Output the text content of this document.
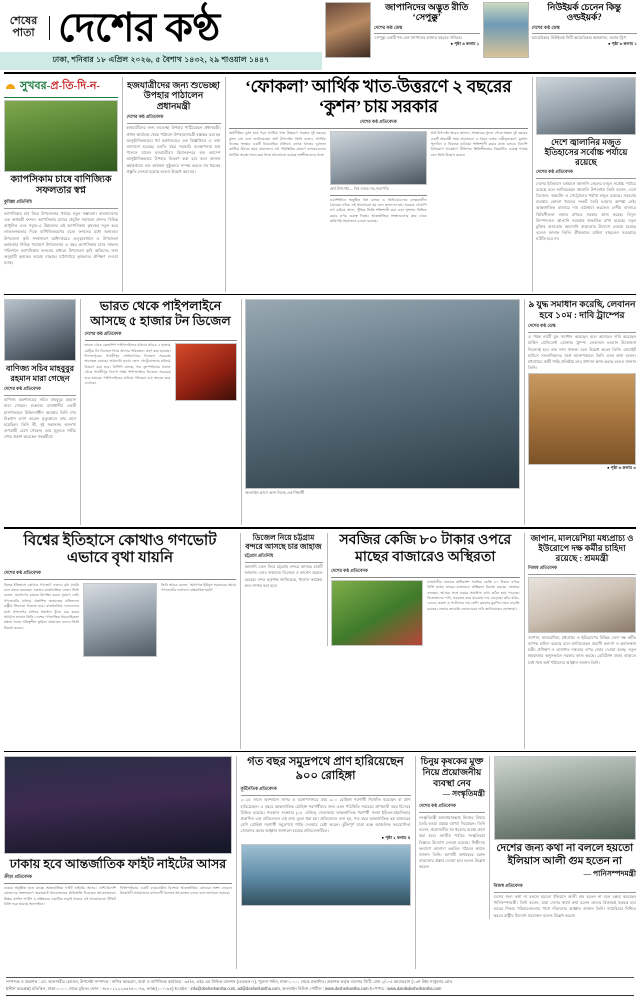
শেষের পাতা দেশের কণ্ঠ
ঢাকা, শনিবার ১৮ এপ্রিল ২০২৬, ৫ বৈশাখ ১৪৩২, ২৯ শাওয়াল ১৪৪৭
জাপানিদের অদ্ভুত রীতি ‘সেপুক্কু’
দেশের কণ্ঠ ডেস্ক
‘সেপুক্কু’ একটি শব্দ যেন জাপানের হাজার বছরের ঐতিহ্যে
● পৃষ্ঠা ৬ কলাম ১
নিউইয়র্ক চেনেন কিন্তু ওল্ডইয়র্ক?
দেশের কণ্ঠ ডেস্ক
আমেরিকার নিউইয়র্ক সিটি আমেরিকার অঙ্গরাজ্য, ওয়ান ট্রিপ
● পৃষ্ঠা ৬ কলাম ১
সুখবর-প্র-তি-দি-ন-
ক্যাপসিকাম চাষে বাণিজ্যিক সফলতার স্বপ্ন
কুমিল্লা প্রতিনিধি
ক্যাপসিকাম চাষ নিয়ে উপজেলার পর্যায়ে নতুন সম্ভাবনা। বাংলাদেশের এক অর্থকরী ফসল। ক্যাপসিকাম চাষের প্রযুক্তি সহায়তা প্রদান। বিভিন্ন আধুনিক এবং সবুজ-এ উন্নয়নের এই ক্যাপসিকাম কৃষকের নতুন করে লাভজনকতার দিকে বাণিজ্যিকরণের মতো ফসলের মধ্যে অন্যতম। উপজেলা কৃষি সম্প্রসারণ অধিদপ্তরের তত্ত্বাবধানে ও উপজেলা কর্মকর্তার নিবিড় পরামর্শে উপজেলার এ বছর ক্যাপসিকাম চাষে সাফল্য পরিদর্শনে ক্যাপসিকাম ফলনের মাধ্যমে উপজেলা কৃষি অফিসের তথ্য অনুযায়ী কৃষকের আগ্রহ বাড়ছে। মাঠপর্যায়ে কৃষকদের প্রশিক্ষণ দেওয়া হচ্ছে।
হজযাত্রীদের জন্য শুভেচ্ছা উপহার পাঠালেন প্রধানমন্ত্রী
দেশের কণ্ঠ প্রতিবেদক
হজযাত্রীদের জন্য শুভেচ্ছা উপহার পাঠিয়েছেন প্রধানমন্ত্রী। প্রধান কার্যালয় থেকে পাঠানো উপহারসামগ্রী হস্তান্তর করা হয় আনুষ্ঠানিকভাবে। ধর্ম মন্ত্রণালয়ের এক বিজ্ঞপ্তিতে এ তথ্য জানানো হয়েছে। চলতি বছর সরকারি ব্যবস্থাপনায় হজ পালনে যাবেন হজযাত্রীরা। বিমানবন্দরে হজ ক্যাম্পে আনুষ্ঠানিকভাবে উপহার বিতরণ করা হবে বলে জানান কর্মকর্তারা। হজ কার্যক্রম সুষ্ঠুভাবে সম্পন্ন করতে সব ধরনের প্রস্তুতি নেওয়া হয়েছে বলেও উল্লেখ করা হয়।
‘ফোকলা’ আর্থিক খাত-উত্তরণে ২ বছরের ‘কুশন’ চায় সরকার
দেশের কণ্ঠ প্রতিবেদক
অর্থনীতির দুর্বল হয়ে পড়া আর্থিক খাত উত্তরণে সরকার দুই বছরের কুশন চায় বলে জানিয়েছেন অর্থ উপদেষ্টা। তিনি বলেন, আর্থিক খাতের সংস্কার একটি ধারাবাহিক প্রক্রিয়া। ব্যাংক খাতের দুর্বলতা কাটিয়ে উঠতে সময় প্রয়োজন। এই পরিস্থিতির কারণে ব্যাংকগুলোর আর্থিক অবস্থা সবল করা নিয়ে আলোচনা হয়েছে অংশীজনদের সঙ্গে।
অর্থ উপদেষ্টা— বিশ্ব ব্যাংক সহ-সভাপতি
ওয়াশিংটনে অনুষ্ঠিত বিশ্ব ব্যাংক ও আইএমএফের বসন্তকালীন বৈঠকের ফাঁকে এই আলোচনা হয় বলে জানানো হয়। সরকার খেলাপি ঋণ কমিয়ে আনা, পুঁজির ভিত্তি শক্তিশালী করা এবং সুশাসন নিশ্চিত করার ওপর গুরুত্ব দিচ্ছে। আন্তর্জাতিক সংস্থাগুলোর কাছ থেকে কারিগরি সহায়তাও চাওয়া হয়েছে।
অর্থ উপদেষ্টা আরও জানান, সংস্কারের সুফল পেতে অন্তত দুই বছরের একটি অন্তর্বর্তী সময় প্রয়োজন। এ সময়ে ব্যাংক একীভূতকরণ, মূলধন পুনর্গঠন ও নিয়ন্ত্রক কাঠামো শক্তিশালী করার কাজ চলবে। বিদেশি বিনিয়োগ আকর্ষণে নীতিগত স্থিতিশীলতার বিষয়টিও গুরুত্ব পাচ্ছে বলে তিনি উল্লেখ করেন।
দেশে জ্বালানির মজুত ইতিহাসের সর্বোচ্চ পর্যায়ে রয়েছে
দেশের কণ্ঠ প্রতিবেদক
দেশের ইতিহাসে বর্তমানে জ্বালানি তেলের মজুত সর্বোচ্চ পর্যায়ে রয়েছে বলে জানিয়েছেন জ্বালানি উপদেষ্টা। তিনি বলেন, দেশে ডিজেল, অকটেন ও পেট্রোলের পর্যাপ্ত মজুত রয়েছে। সরবরাহ ব্যবস্থায় কোনো ধরনের সংকট তৈরি হওয়ার আশঙ্কা নেই। আন্তর্জাতিক বাজারে দাম ওঠানামা করলেও দেশীয় বাজারে স্থিতিশীলতা বজায় রাখতে সরকার কাজ করছে। বিদ্যুৎ উৎপাদনেও জ্বালানি সরবরাহ স্বাভাবিক রাখা হয়েছে। নতুন চুক্তির আওতায় আমদানি বাড়ানোর উদ্যোগ নেওয়া হয়েছে বলেও জানান তিনি। গ্রীষ্মকালে চাহিদা বাড়লেও সরবরাহে ঘাটতি হবে না।
বাণিজ্য সচিব মাহবুবুর রহমান মারা গেছেন
দেশের কণ্ঠ প্রতিবেদক
বাণিজ্য মন্ত্রণালয়ের সচিব মাহবুবুর রহমান মারা গেছেন। শুক্রবার রাজধানীর একটি হাসপাতালে চিকিৎসাধীন অবস্থায় তিনি শেষ নিঃশ্বাস ত্যাগ করেন। মৃত্যুকালে তার বয়স হয়েছিল। তিনি স্ত্রী, দুই সন্তানসহ অসংখ্য গুণগ্রাহী রেখে গেছেন। তার মৃত্যুতে গভীর শোক প্রকাশ করেছেন সহকর্মীরা।
ভারত থেকে পাইপলাইনে আসছে ৫ হাজার টন ডিজেল
দেশের কণ্ঠ প্রতিবেদক
ভারত থেকে ফ্রেন্ডশিপ পাইপলাইনের মাধ্যমে আরও ৫ হাজার মেট্রিক টন ডিজেল নিয়ে আসার পরিকল্পনা গ্রহণ করা হয়েছে। দিনাজপুরের পার্বতীপুর শোধনাগারে ডিজেল সরবরাহ অব্যাহত রয়েছে। আমদানি হওয়া তেল পেট্রোবাংলার মাধ্যমে বিতরণ করা হবে। বিপিসি বলছে, গত বৃহস্পতিবার সকাল থেকে পার্বতীপুর ডিপো পর্যন্ত পাইপলাইনে ডিজেল সরবরাহ শুরু হয়েছে। পাইপলাইনের মাধ্যমে পরিবহন ব্যয় অনেক কমে এসেছে।

অনলাইন ক্লাসে অংশ নিচ্ছে এক শিক্ষার্থী
৯ যুদ্ধ সমাধান করেছি, লেবানন হবে ১০ম : দাবি ট্রাম্পের
দেশের কণ্ঠ ডেস্ক
এ পর্যন্ত নয়টি যুদ্ধ সমাধান করেছেন বলে আবারও দাবি করেছেন মার্কিন প্রেসিডেন্ট ডোনাল্ড ট্রাম্প। লেবাননে চলমান উত্তেজনা নিরসনই হবে তার দশম সাফল্য বলে উল্লেখ করেন তিনি। হোয়াইট হাউসে সাংবাদিকদের সঙ্গে আলাপকালে তিনি এসব কথা বলেন। মধ্যপ্রাচ্যে স্থায়ী শান্তি প্রতিষ্ঠায় তার প্রশাসন কাজ করছে বলেও জানান তিনি।
● পৃষ্ঠা ৬ কলাম ৩
বিশ্বের ইতিহাসে কোথাও গণভোট এভাবে বৃথা যায়নি
দেশের কণ্ঠ প্রতিবেদক
বিশ্বের ইতিহাসে কোথাও গণভোট এভাবে বৃথা যায়নি বলে মন্তব্য করেছেন একজন রাজনৈতিক নেতা। তিনি বলেন, জনগণের রায়কে উপেক্ষা করার সুযোগ নেই। গণভোটের মাধ্যমে প্রকাশিত জনমতের প্রতিফলন রাষ্ট্রীয় সিদ্ধান্তে থাকতে হবে। রাজনৈতিক দলগুলোর মধ্যে সংলাপের মাধ্যমে সমাধান খুঁজে বের করার আহ্বান জানান তিনি। দেশের গণতান্ত্রিক ধারাবাহিকতা রক্ষায় সবার দায়িত্বশীল ভূমিকা প্রয়োজন বলেও তিনি উল্লেখ করেন।
তিনি আরও বলেন, ‘অধ্যাপক ইউনূস সরকারের সময়ে গণভোটের ফলাফল বাস্তবায়িত হয়নি’
ডিজেল নিয়ে চট্টগ্রাম বন্দরে আসছে চার জাহাজ
চট্টগ্রাম প্রতিনিধি
জ্বালানি তেল নিয়ে চট্টগ্রাম বন্দরে আসছে চারটি জাহাজ। এসব জাহাজে ডিজেল ও ফার্নেস অয়েল রয়েছে। বন্দর কর্তৃপক্ষ জানিয়েছে, খালাস কার্যক্রম দ্রুত সম্পন্ন করা হবে।
সবজির কেজি ৮০ টাকার ওপরে মাছের বাজারেও অস্থিরতা
দেশের কণ্ঠ প্রতিবেদক
রাজধানীর বাজারে অধিকাংশ সবজির কেজি ৮০ টাকার ওপরে বিক্রি হচ্ছে। মাছের বাজারেও অস্থিরতা বিরাজ করছে। ক্রেতারা বলছেন, আয়ের সঙ্গে ব্যয়ের সামঞ্জস্য রাখা কঠিন হয়ে পড়েছে। বিক্রেতাদের দাবি, সরবরাহ কমে যাওয়ায় দাম বেড়েছে। কাঁচা মরিচ, বেগুন, করলা ও পটোলের দাম বেশি। ব্রয়লার মুরগির দামও বাড়তি রয়েছে। বাজার তদারকি জোরদারের দাবি জানিয়েছেন ভোক্তারা।
জাপান, মালয়েশিয়া মধ্যপ্রাচ্য ও ইউরোপে দক্ষ কর্মীর চাহিদা রয়েছে : শ্রমমন্ত্রী
নিজস্ব প্রতিবেদক
জাপান, মালয়েশিয়া, মধ্যপ্রাচ্য ও ইউরোপের বিভিন্ন দেশে দক্ষ কর্মীর ব্যাপক চাহিদা রয়েছে বলে জানিয়েছেন প্রবাসী কল্যাণ ও কর্মসংস্থান মন্ত্রী। প্রশিক্ষণ ও ভাষাগত দক্ষতার ওপর জোর দেওয়া হচ্ছে। নতুন শ্রমবাজার অনুসন্ধানে সরকার কাজ করছে। রেমিট্যান্স প্রবাহ বাড়াতে বৈধ পথে অর্থ পাঠানোর আহ্বান জানান তিনি।
ঢাকায় হবে আন্তর্জাতিক ফাইট নাইটের আসর
ক্রীড়া প্রতিবেদক
ঢাকায় অনুষ্ঠিত হতে যাচ্ছে আন্তর্জাতিক ফাইট নাইটের আসর। দেশি-বিদেশি যোদ্ধাদের অংশগ্রহণে জমজমাট আয়োজনের প্রতিশ্রুতি দিয়েছেন আয়োজকরা। মিক্সড মার্শাল আর্টস ও বক্সিংয়ের একাধিক লড়াই থাকবে এই আয়োজনে। টিকিট বিক্রি শুরু হয়েছে অনলাইনে।
ফিলিপাইনের একটি ব্যাকগ্রাউন্ড বিশেষে আন্তর্জাতিক যোদ্ধারা অংশ নেবেন। উদ্বোধনী আয়োজনে মাসব্যাপী বিশেষে আয়োজন চলবে বলে জানানো হয়েছে।
গত বছর সমুদ্রপথে প্রাণ হারিয়েছেন ৯০০ রোহিঙ্গা
কূটনৈতিক প্রতিবেদক
২০২৫ সালে আন্দামান সাগর ও বঙ্গোপসাগরে প্রায় ৯০০ রোহিঙ্গা শরণার্থী নিখোঁজ হয়েছেন বা প্রাণ হারিয়েছেন। এ বছরে আন্তর্জাতিক রোহিঙ্গা শরণার্থীদের জন্য এমন পরিস্থিতি সবচেয়ে প্রাণঘাতী বছর হিসেবে চিহ্নিত হয়েছে। গতকাল শুক্রবার (১৮ এপ্রিল) জেনেভায় আন্তর্জাতিক শরণার্থী সংস্থা ইউএনএইচসিআর প্রকাশিত এক প্রতিবেদনে এই তথ্য তুলে ধরা হয়। প্রতিবেদনে বলা হয়, গত বছর আন্তর্জাতিক ছয় হাজারের বেশি রোহিঙ্গা শরণার্থী সমুদ্রপথে পাড়ি দেওয়ার চেষ্টা করেন। ঝুঁকিপূর্ণ যাত্রা বন্ধে আঞ্চলিক সহযোগিতা জোরদার করার আহ্বান জানানো হয়েছে প্রতিবেদনটিতে।
● পৃষ্ঠা ২ কলাম ৪
চিনুয় কৃষকের মুক্ত নিয়ে প্রয়োজনীয় ব্যবস্থা নেব
— সংস্কৃতিমন্ত্রী
দেশের কণ্ঠ প্রতিবেদক
সংস্কৃতিমন্ত্রী আনোয়ারুল্লাহ নিজের বিষয়ে তৈরি হওয়া প্রশ্নের ব্যাখ্যা দিয়েছেন। তিনি বলেন, প্রয়োজনীয় সব ধরনের ব্যবস্থা গ্রহণ করা হবে। জাতীয় পর্যায়ে সংস্কৃতিচর্চা বিস্তারে উদ্যোগ নেওয়া হয়েছে। শিল্পীদের কল্যাণে আলাদা তহবিল গঠনের কথাও জানান তিনি। আগামী অর্থবছরে বরাদ্দ বাড়ানোর প্রস্তাব দেওয়া হবে বলেও উল্লেখ করেন।
দেশের জন্য কথা না বললে হয়তো ইলিয়াস আলী গুম হতেন না
— পানিসম্পদমন্ত্রী
নিজস্ব প্রতিবেদক
দেশের জন্য কথা না বললে হয়তো ইলিয়াস আলী গুম হতেন না বলে মন্তব্য করেছেন পানিসম্পদমন্ত্রী। তিনি বলেন, যারা দেশের স্বার্থে কথা বলেন তাদের বিরুদ্ধেই ষড়যন্ত্র হয়। গুমের শিকার পরিবারগুলোর পাশে দাঁড়ানোর আহ্বান জানান তিনি। ন্যায়বিচার নিশ্চিত করতে রাষ্ট্রীয় উদ্যোগ প্রয়োজন বলেও উল্লেখ করেন।
সম্পাদক ও প্রকাশক : মো. আনসারীর হোসেন, উপদেষ্টা সম্পাদক : নাসির আহমেদ, বার্তা ও বাণিজ্যিক কার্যালয় : ৬৫/এ, এইচ এম সিদ্দিক ম্যানশন (লেভেল-৭), পুরানা পল্টন, ঢাকা-১০০০ থেকে প্রকাশিত। প্রকাশক কর্তৃক ব্যবসার সিটি: প্রেস ২/১-এ আরামবাগ (১৩শ উইং সার্কুলার রোড
ইস্টার্ন কমপ্লেক্স) মতিঝিল, ঢাকা-১০০০ থেকে মুদ্রিত। ফোন : +৮৮০২২২২৩৩৪৪০০৭৬, ফ্যাক্স:(০০-১৬৪) ই-মেইল : info@desherkantha.com, ad@desherkantha.com, অনলাইন নিউজ পোর্টাল : www.desherkantha.com ই-পেপার : www.dainikdesherkantha.com
